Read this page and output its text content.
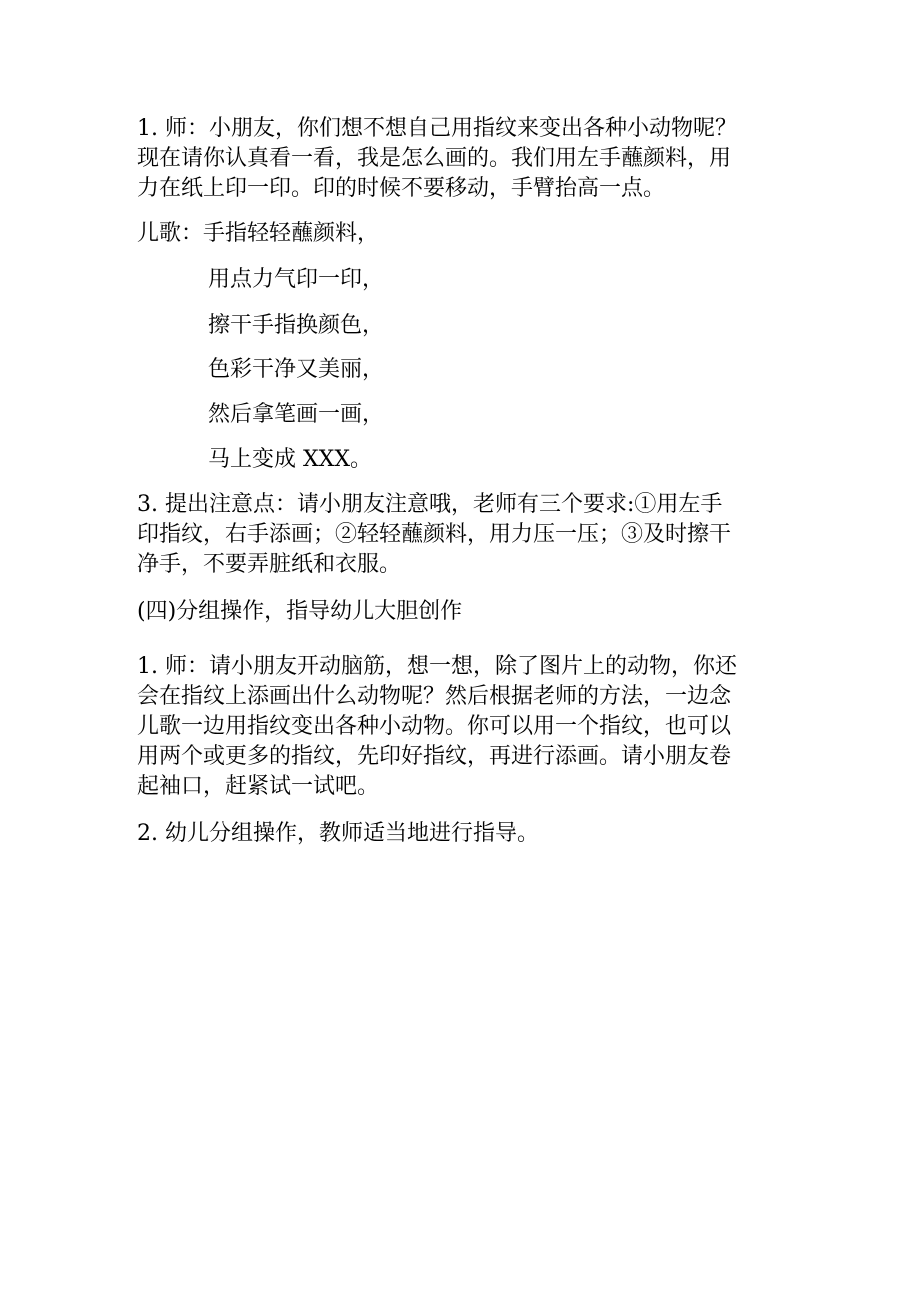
1. 师：小朋友，你们想不想自己用指纹来变出各种小动物呢？
现在请你认真看一看，我是怎么画的。我们用左手蘸颜料，用
力在纸上印一印。印的时候不要移动，手臂抬高一点。
儿歌：手指轻轻蘸颜料，
用点力气印一印，
擦干手指换颜色，
色彩干净又美丽，
然后拿笔画一画，
马上变成 XXX。
3. 提出注意点：请小朋友注意哦，老师有三个要求:①用左手
印指纹，右手添画；②轻轻蘸颜料，用力压一压；③及时擦干
净手，不要弄脏纸和衣服。
(四)分组操作，指导幼儿大胆创作
1. 师：请小朋友开动脑筋，想一想，除了图片上的动物，你还
会在指纹上添画出什么动物呢？然后根据老师的方法，一边念
儿歌一边用指纹变出各种小动物。你可以用一个指纹，也可以
用两个或更多的指纹，先印好指纹，再进行添画。请小朋友卷
起袖口，赶紧试一试吧。
2. 幼儿分组操作，教师适当地进行指导。
